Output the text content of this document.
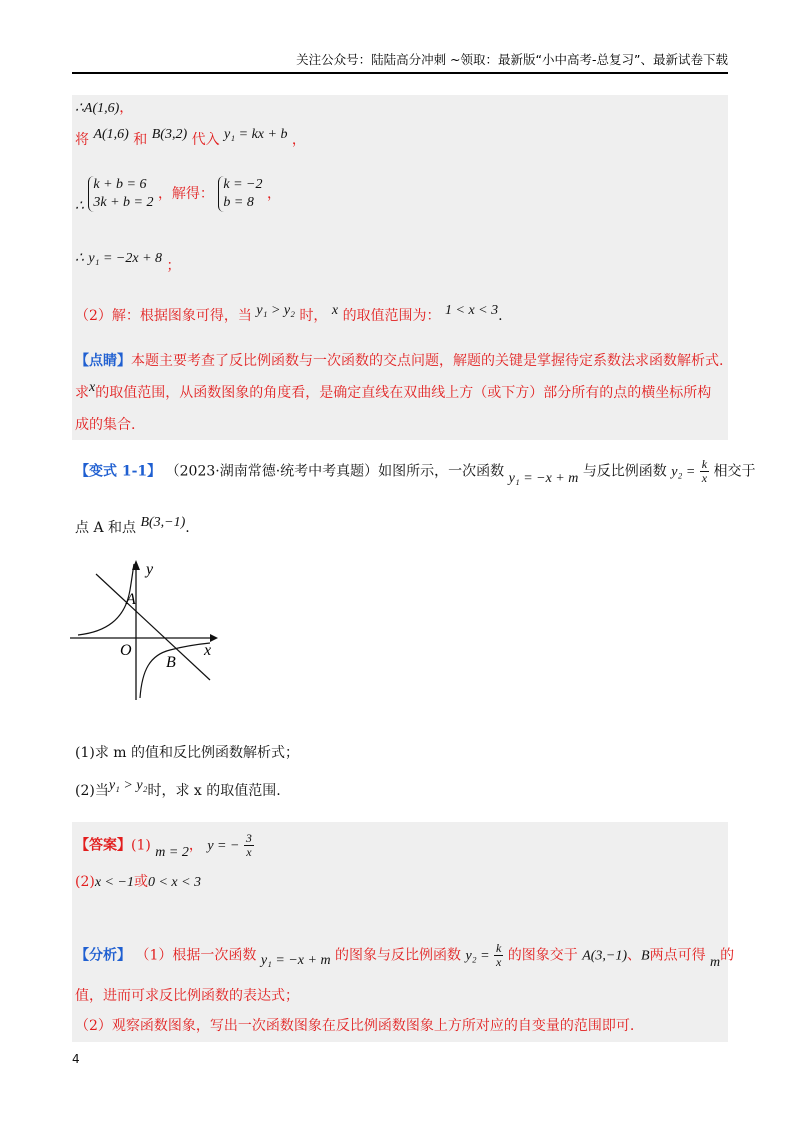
关注公众号：陆陆高分冲刺 ~领取：最新版“小中高考-总复习”、最新试卷下载
∴A(1,6)，
将 A(1,6) 和 B(3,2) 代入 y₁ = kx + b ，
∴
k + b = 6
3k + b = 2
，解得：
k = −2
b = 8
，
∴ y₁ = −2x + 8 ；
（2）解：根据图象可得，当 y₁ > y₂ 时， x 的取值范围为： 1 < x < 3.
【点睛】本题主要考查了反比例函数与一次函数的交点问题，解题的关键是掌握待定系数法求函数解析式.
求x的取值范围，从函数图象的角度看，是确定直线在双曲线上方（或下方）部分所有的点的横坐标所构
成的集合.
【变式 1-1】 （2023·湖南常德·统考中考真题）如图所示，一次函数 y₁ = −x + m 与反比例函数 $y_2 = \frac{k}{x}$ 相交于
点 A 和点 B(3,−1).
y
x
O
A
B
(1)求 m 的值和反比例函数解析式；
(2)当y₁ > y₂时，求 x 的取值范围.
【答案】(1) m = 2， y = − $\frac{3}{x}$
(2)x < −1或0 < x < 3
【分析】 （1）根据一次函数 y₁ = −x + m 的图象与反比例函数 $y_2 = \frac{k}{x}$ 的图象交于 A(3,−1)、B两点可得 m的
值，进而可求反比例函数的表达式；
（2）观察函数图象，写出一次函数图象在反比例函数图象上方所对应的自变量的范围即可.
4
